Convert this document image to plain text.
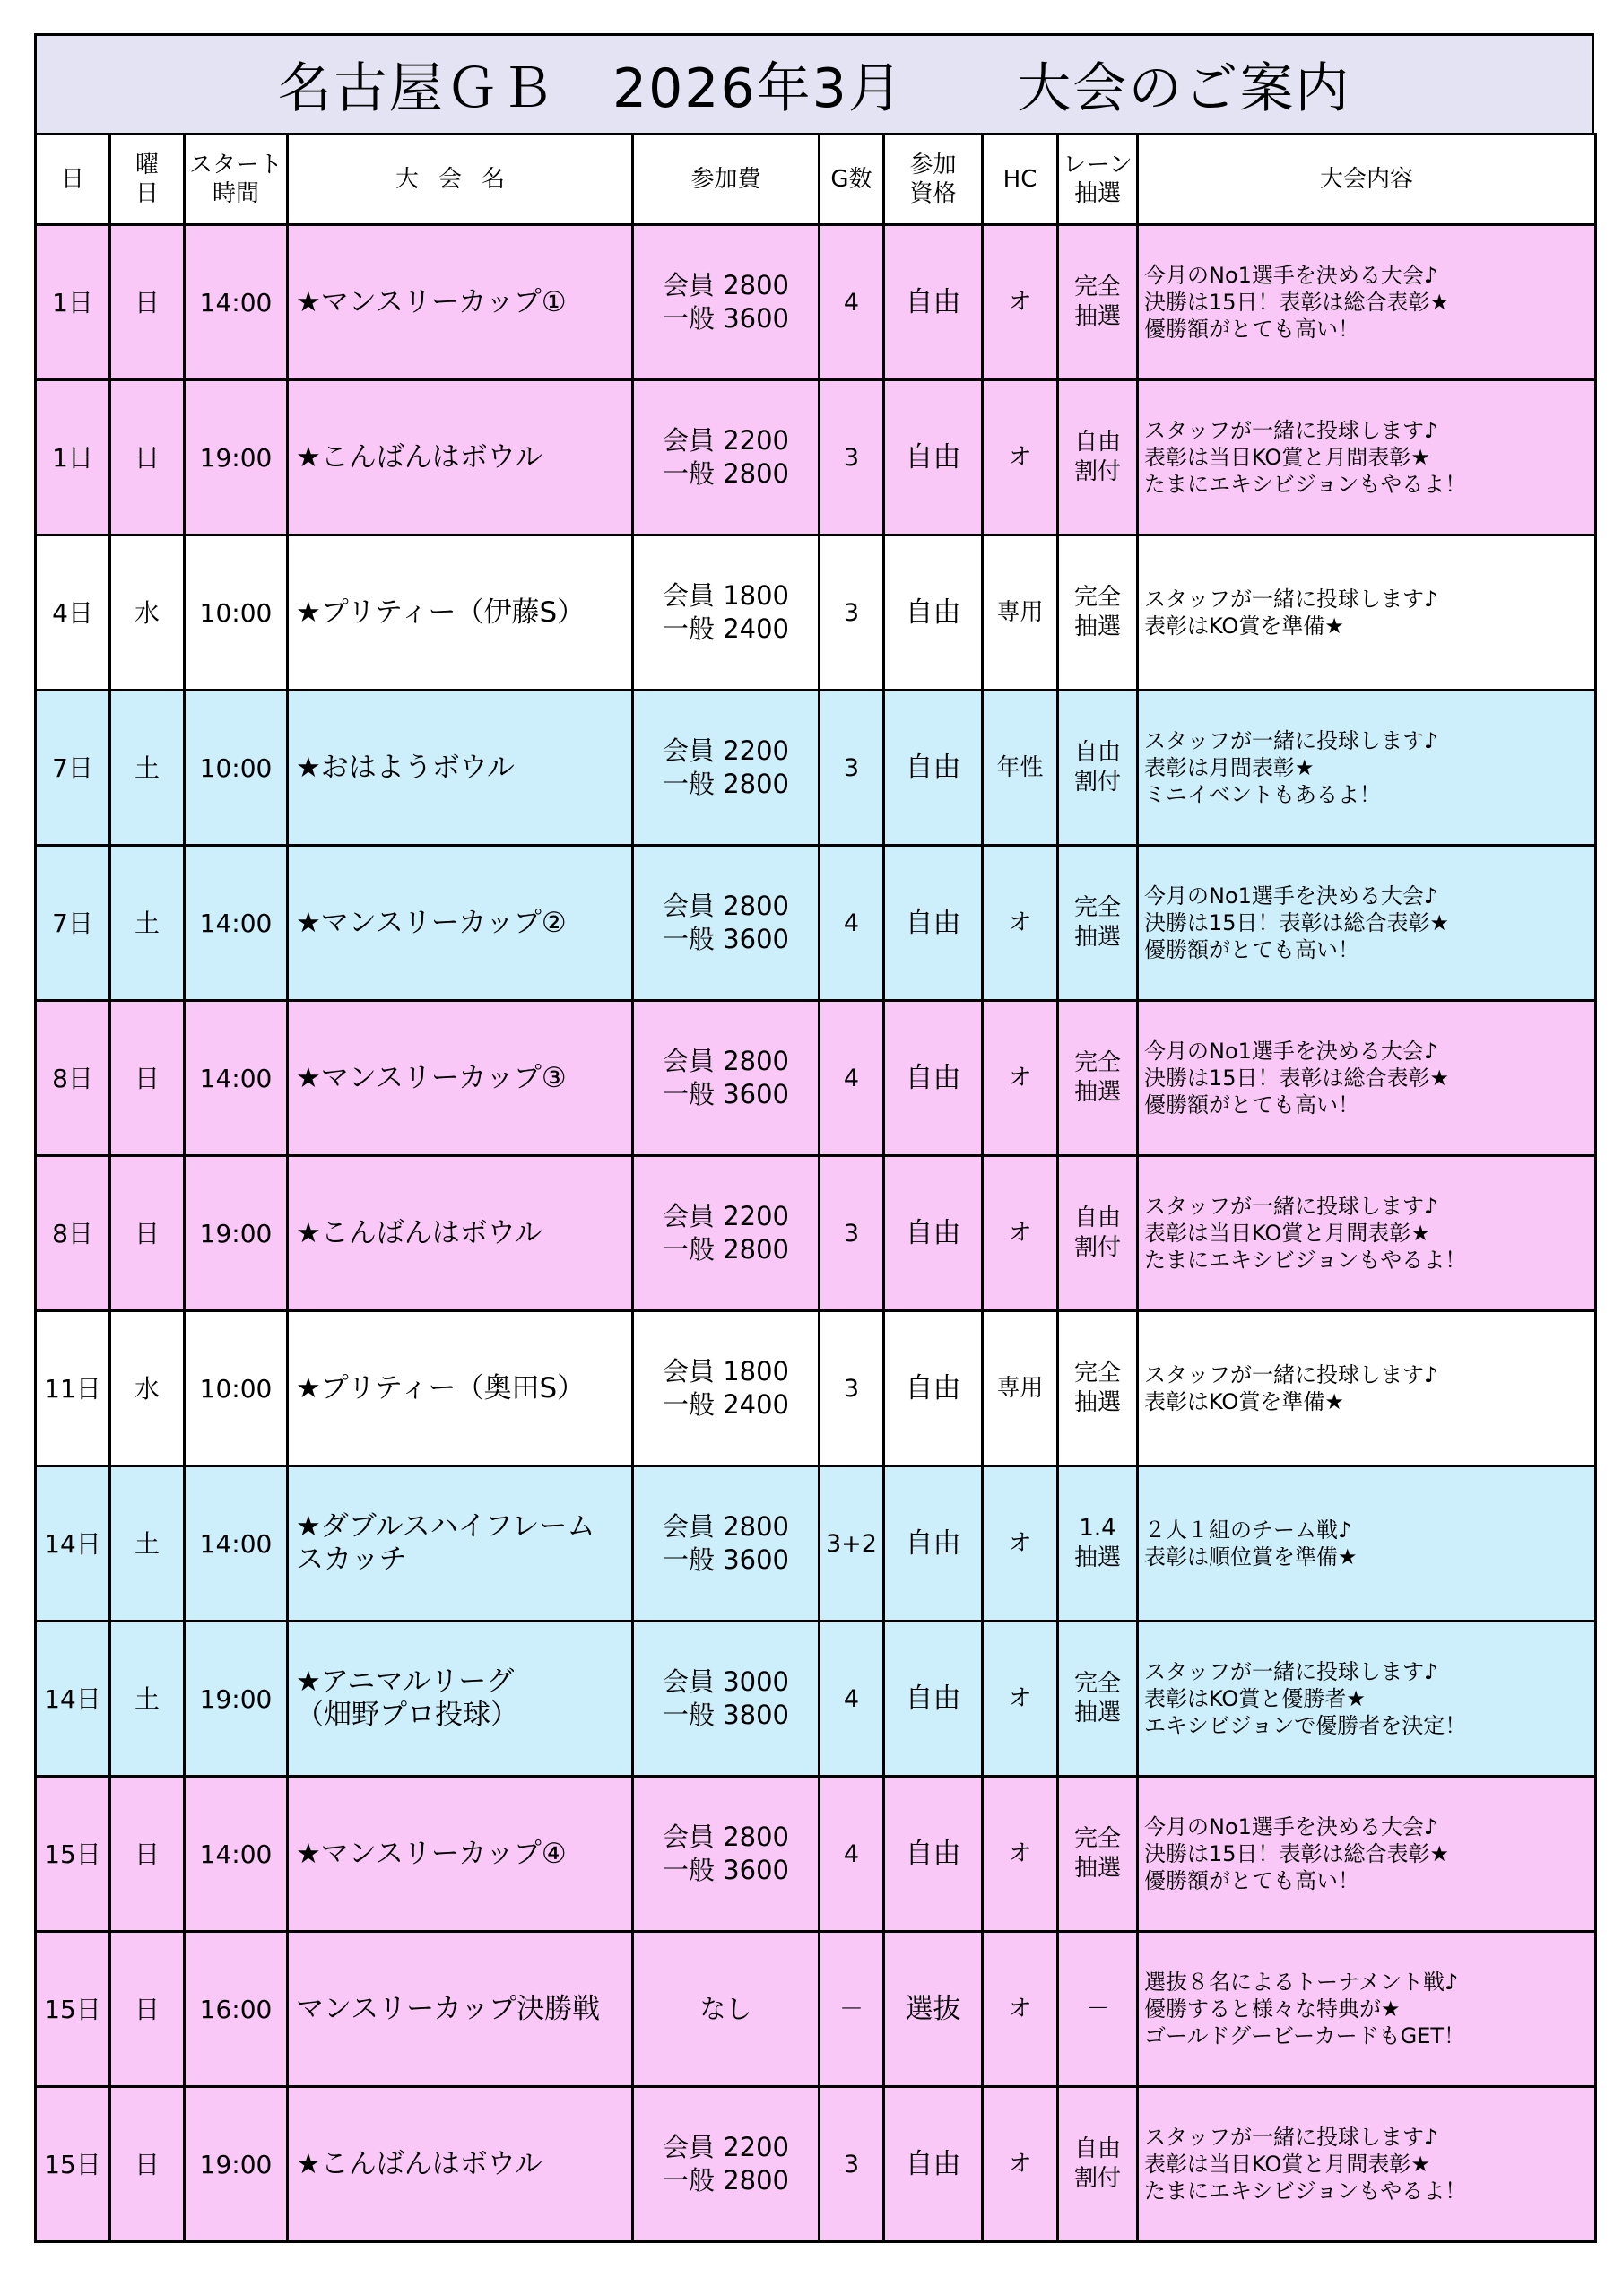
名古屋ＧＢ
2026年3月
大会のご案内
日	曜
日	スタート
時間	大会名	参加費	G数	参加
資格	HC	レーン
抽選	大会内容

1日	日	14:00	★マンスリーカップ①	会員 2800
一般 3600	4	自由	オ	完全
抽選	今月のNo1選手を決める大会♪
決勝は15日！表彰は総合表彰★
優勝額がとても高い！

1日	日	19:00	★こんばんはボウル	会員 2200
一般 2800	3	自由	オ	自由
割付	スタッフが一緒に投球します♪
表彰は当日KO賞と月間表彰★
たまにエキシビジョンもやるよ！

4日	水	10:00	★プリティー（伊藤S）	会員 1800
一般 2400	3	自由	専用	完全
抽選	スタッフが一緒に投球します♪
表彰はKO賞を準備★

7日	土	10:00	★おはようボウル	会員 2200
一般 2800	3	自由	年性	自由
割付	スタッフが一緒に投球します♪
表彰は月間表彰★
ミニイベントもあるよ！

7日	土	14:00	★マンスリーカップ②	会員 2800
一般 3600	4	自由	オ	完全
抽選	今月のNo1選手を決める大会♪
決勝は15日！表彰は総合表彰★
優勝額がとても高い！

8日	日	14:00	★マンスリーカップ③	会員 2800
一般 3600	4	自由	オ	完全
抽選	今月のNo1選手を決める大会♪
決勝は15日！表彰は総合表彰★
優勝額がとても高い！

8日	日	19:00	★こんばんはボウル	会員 2200
一般 2800	3	自由	オ	自由
割付	スタッフが一緒に投球します♪
表彰は当日KO賞と月間表彰★
たまにエキシビジョンもやるよ！

11日	水	10:00	★プリティー（奥田S）	会員 1800
一般 2400	3	自由	専用	完全
抽選	スタッフが一緒に投球します♪
表彰はKO賞を準備★

14日	土	14:00	★ダブルスハイフレーム
スカッチ	会員 2800
一般 3600	3+2	自由	オ	1.4
抽選	２人１組のチーム戦♪
表彰は順位賞を準備★

14日	土	19:00	★アニマルリーグ
（畑野プロ投球）	会員 3000
一般 3800	4	自由	オ	完全
抽選	スタッフが一緒に投球します♪
表彰はKO賞と優勝者★
エキシビジョンで優勝者を決定！

15日	日	14:00	★マンスリーカップ④	会員 2800
一般 3600	4	自由	オ	完全
抽選	今月のNo1選手を決める大会♪
決勝は15日！表彰は総合表彰★
優勝額がとても高い！

15日	日	16:00	マンスリーカップ決勝戦	なし	－	選抜	オ	－	選抜８名によるトーナメント戦♪
優勝すると様々な特典が★
ゴールドグービーカードもGET！

15日	日	19:00	★こんばんはボウル	会員 2200
一般 2800	3	自由	オ	自由
割付	スタッフが一緒に投球します♪
表彰は当日KO賞と月間表彰★
たまにエキシビジョンもやるよ！
